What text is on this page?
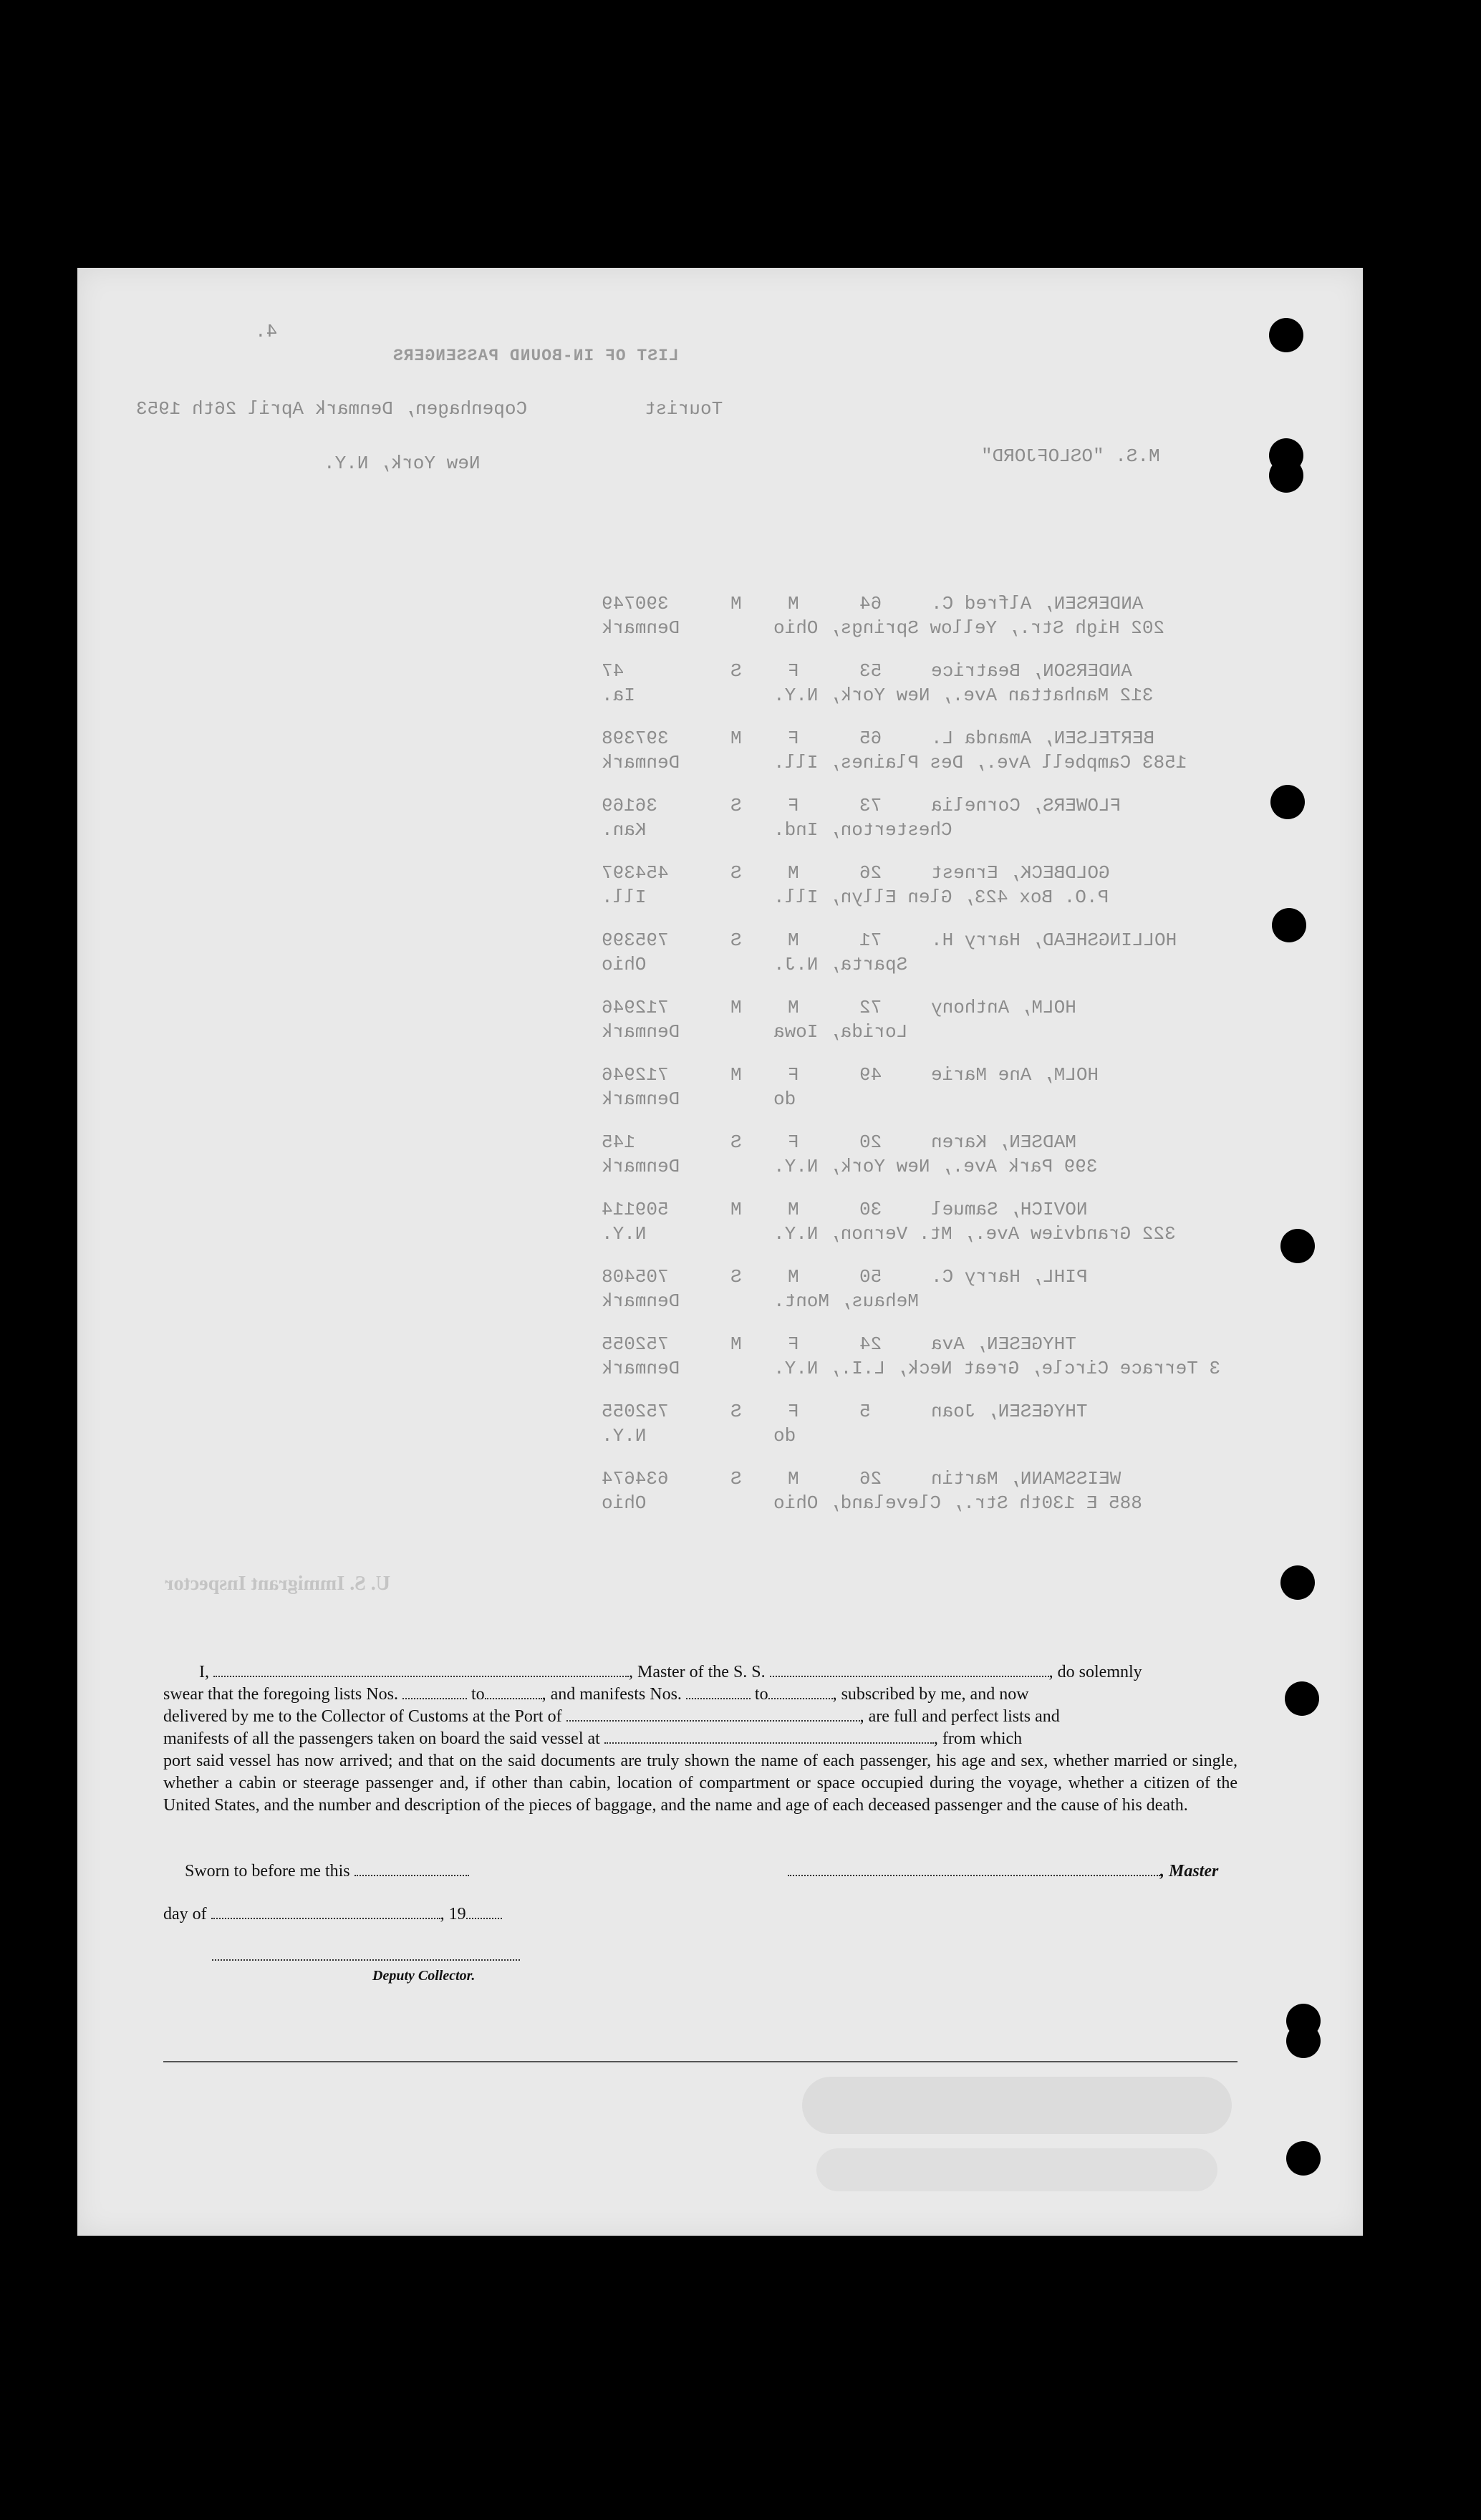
4.
LIST OF IN-BOUND PASSENGERS
Tourist
Copenhagen, Denmark April 26th 1953
New York, N.Y.	M.S. "OSLOFJORD"
390749	M M	64	ANDERSEN, Alfred C.
Denmark	202 High Str., Yellow Springs, Ohio
47	S F	53	ANDERSON, Beatrice
Ia.	312 Manhattan Ave., New York, N.Y.
397398	M F	65	BERTELSEN, Amanda L.
Denmark	1583 Campbell Ave., Des Plaines, Ill.
36169	S F	73	FLOWERS, Cornelia
Kan.	Chesterton, Ind.
454397	S M	26	GOLDBECK, Ernest
Ill.	P.O. Box 423, Glen Ellyn, Ill.
795399	S M	71	HOLLINGSHEAD, Harry H.
Ohio	Sparta, N.J.
712946	M M	72	HOLM, Anthony
Denmark	Lorida, Iowa
712946	M F	49	HOLM, Ane Marie
Denmark	do
145	S F	20	MADSEN, Karen
Denmark	399 Park Ave., New York, N.Y.
509114	M M	30	NOVICH, Samuel
N.Y.	322 Grandview Ave., Mt. Vernon, N.Y.
705408	S M	50	PIHL, Harry C.
Denmark	Mehaus, Mont.
752055	M F	24	THYGESEN, Ava
Denmark	3 Terrace Circle, Great Neck, L.I., N.Y.
752055	S F	5	THYGESEN, Joan
N.Y.	do
634674	S M	26	WEISSMANN, Martin
Ohio	885 E 130th Str., Cleveland, Ohio
U. S. Immigrant Inspector
I,	, Master of the S. S.	, do solemnly
swear that the foregoing lists Nos.	to	, and manifests Nos.	to	, subscribed by me, and now
delivered by me to the Collector of Customs at the Port of	, are full and perfect lists and
manifests of all the passengers taken on board the said vessel at	, from which
port said vessel has now arrived; and that on the said documents are truly shown the name of each passenger, his age and sex, whether married or single, whether a cabin or steerage passenger and, if other than cabin, location of compartment or space occupied during the voyage, whether a citizen of the United States, and the number and description of the pieces of baggage, and the name and age of each deceased passenger and the cause of his death.
Sworn to before me this	, Master
day of	, 19
Deputy Collector.
